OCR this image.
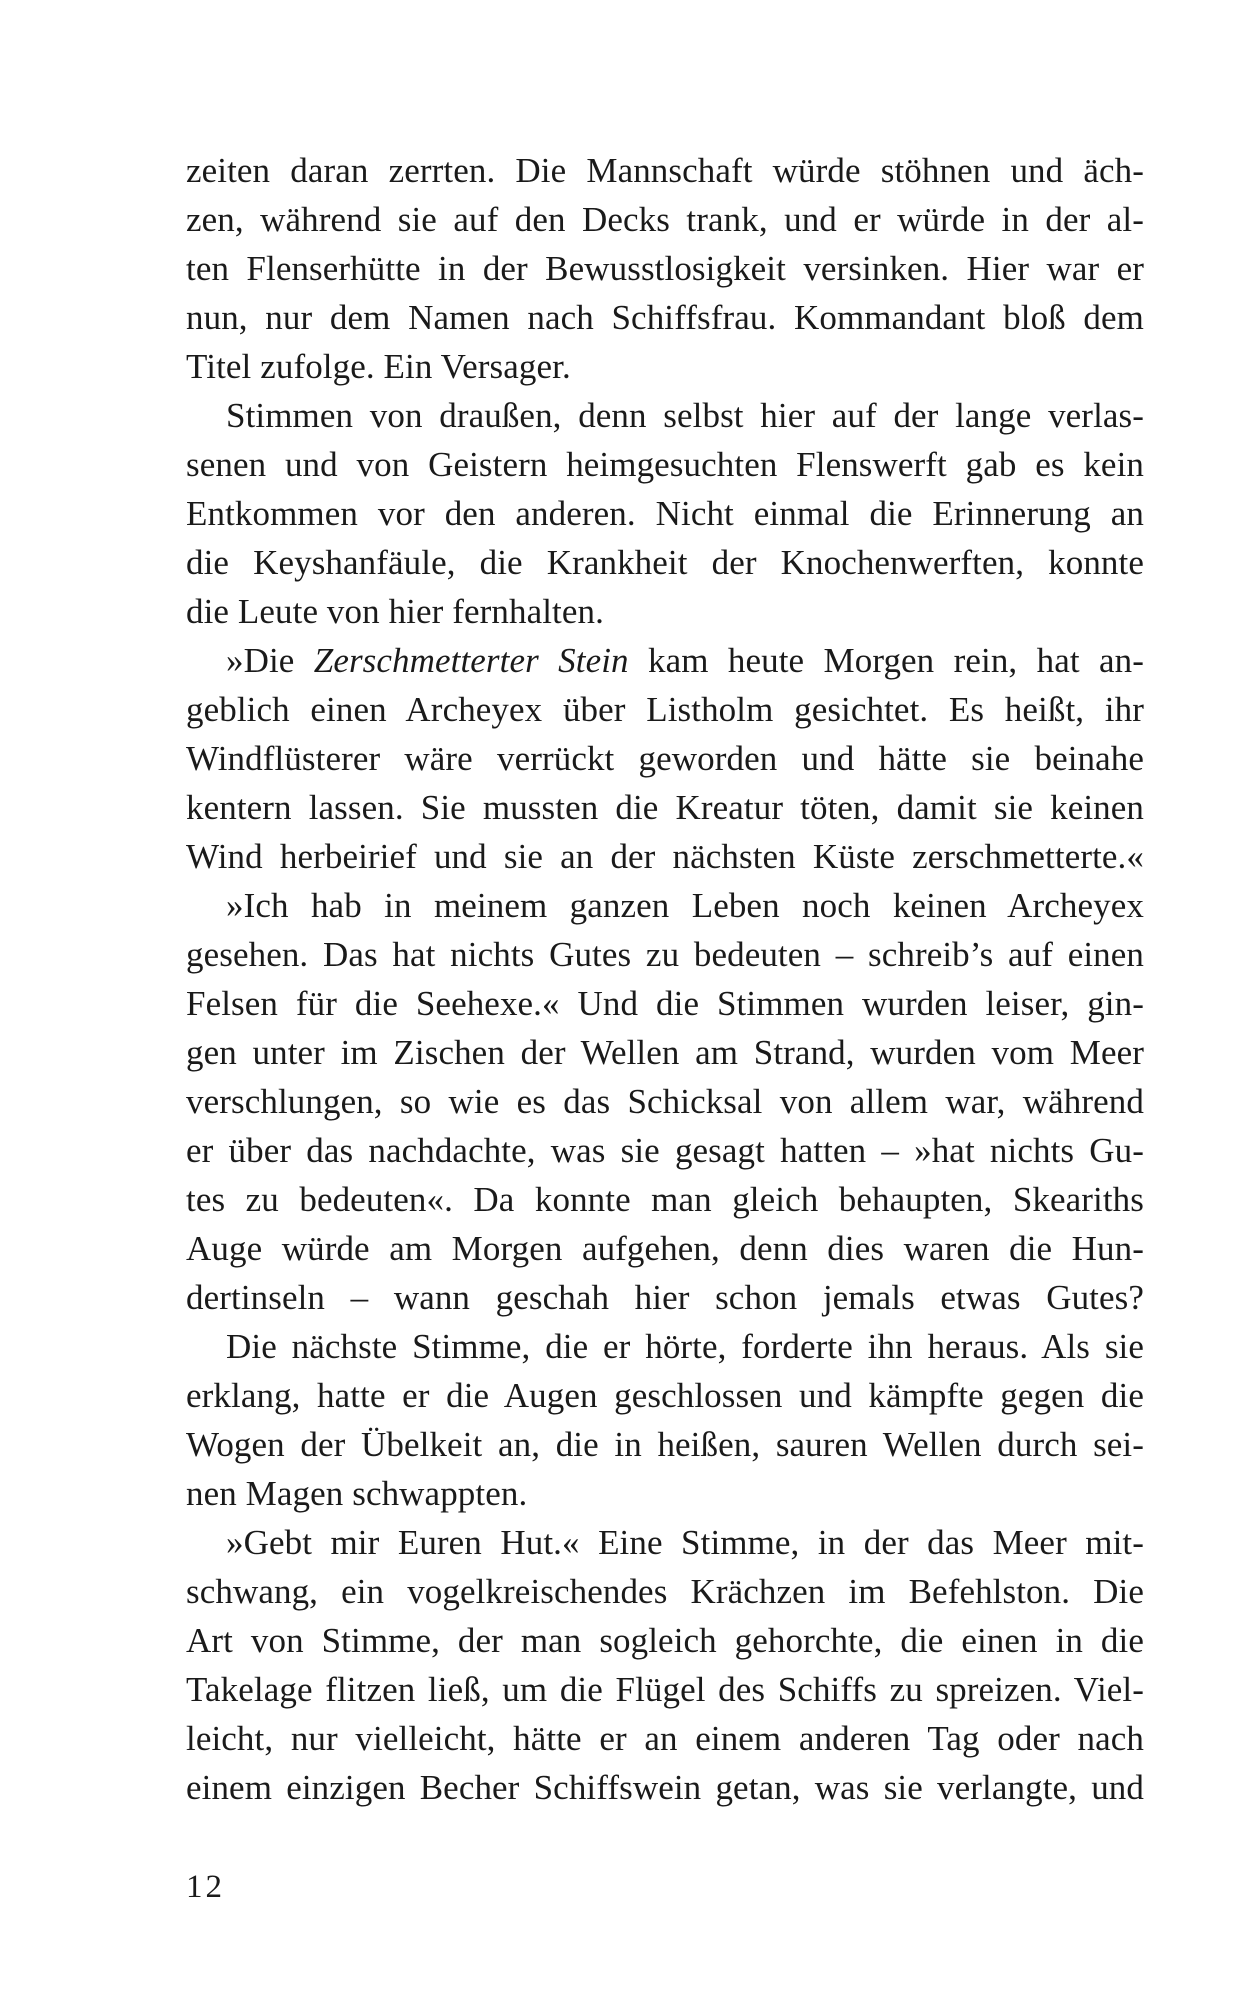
zeiten daran zerrten. Die Mannschaft würde stöhnen und äch-
zen, während sie auf den Decks trank, und er würde in der al-
ten Flenserhütte in der Bewusstlosigkeit versinken. Hier war er
nun, nur dem Namen nach Schiffsfrau. Kommandant bloß dem
Titel zufolge. Ein Versager.
Stimmen von draußen, denn selbst hier auf der lange verlas-
senen und von Geistern heimgesuchten Flenswerft gab es kein
Entkommen vor den anderen. Nicht einmal die Erinnerung an
die Keyshanfäule, die Krankheit der Knochenwerften, konnte
die Leute von hier fernhalten.
»Die Zerschmetterter Stein kam heute Morgen rein, hat an-
geblich einen Archeyex über Listholm gesichtet. Es heißt, ihr
Windflüsterer wäre verrückt geworden und hätte sie beinahe
kentern lassen. Sie mussten die Kreatur töten, damit sie keinen
Wind herbeirief und sie an der nächsten Küste zerschmetterte.«
»Ich hab in meinem ganzen Leben noch keinen Archeyex
gesehen. Das hat nichts Gutes zu bedeuten – schreib’s auf einen
Felsen für die Seehexe.« Und die Stimmen wurden leiser, gin-
gen unter im Zischen der Wellen am Strand, wurden vom Meer
verschlungen, so wie es das Schicksal von allem war, während
er über das nachdachte, was sie gesagt hatten – »hat nichts Gu-
tes zu bedeuten«. Da konnte man gleich behaupten, Skeariths
Auge würde am Morgen aufgehen, denn dies waren die Hun-
dertinseln – wann geschah hier schon jemals etwas Gutes?
Die nächste Stimme, die er hörte, forderte ihn heraus. Als sie
erklang, hatte er die Augen geschlossen und kämpfte gegen die
Wogen der Übelkeit an, die in heißen, sauren Wellen durch sei-
nen Magen schwappten.
»Gebt mir Euren Hut.« Eine Stimme, in der das Meer mit-
schwang, ein vogelkreischendes Krächzen im Befehlston. Die
Art von Stimme, der man sogleich gehorchte, die einen in die
Takelage flitzen ließ, um die Flügel des Schiffs zu spreizen. Viel-
leicht, nur vielleicht, hätte er an einem anderen Tag oder nach
einem einzigen Becher Schiffswein getan, was sie verlangte, und
12
